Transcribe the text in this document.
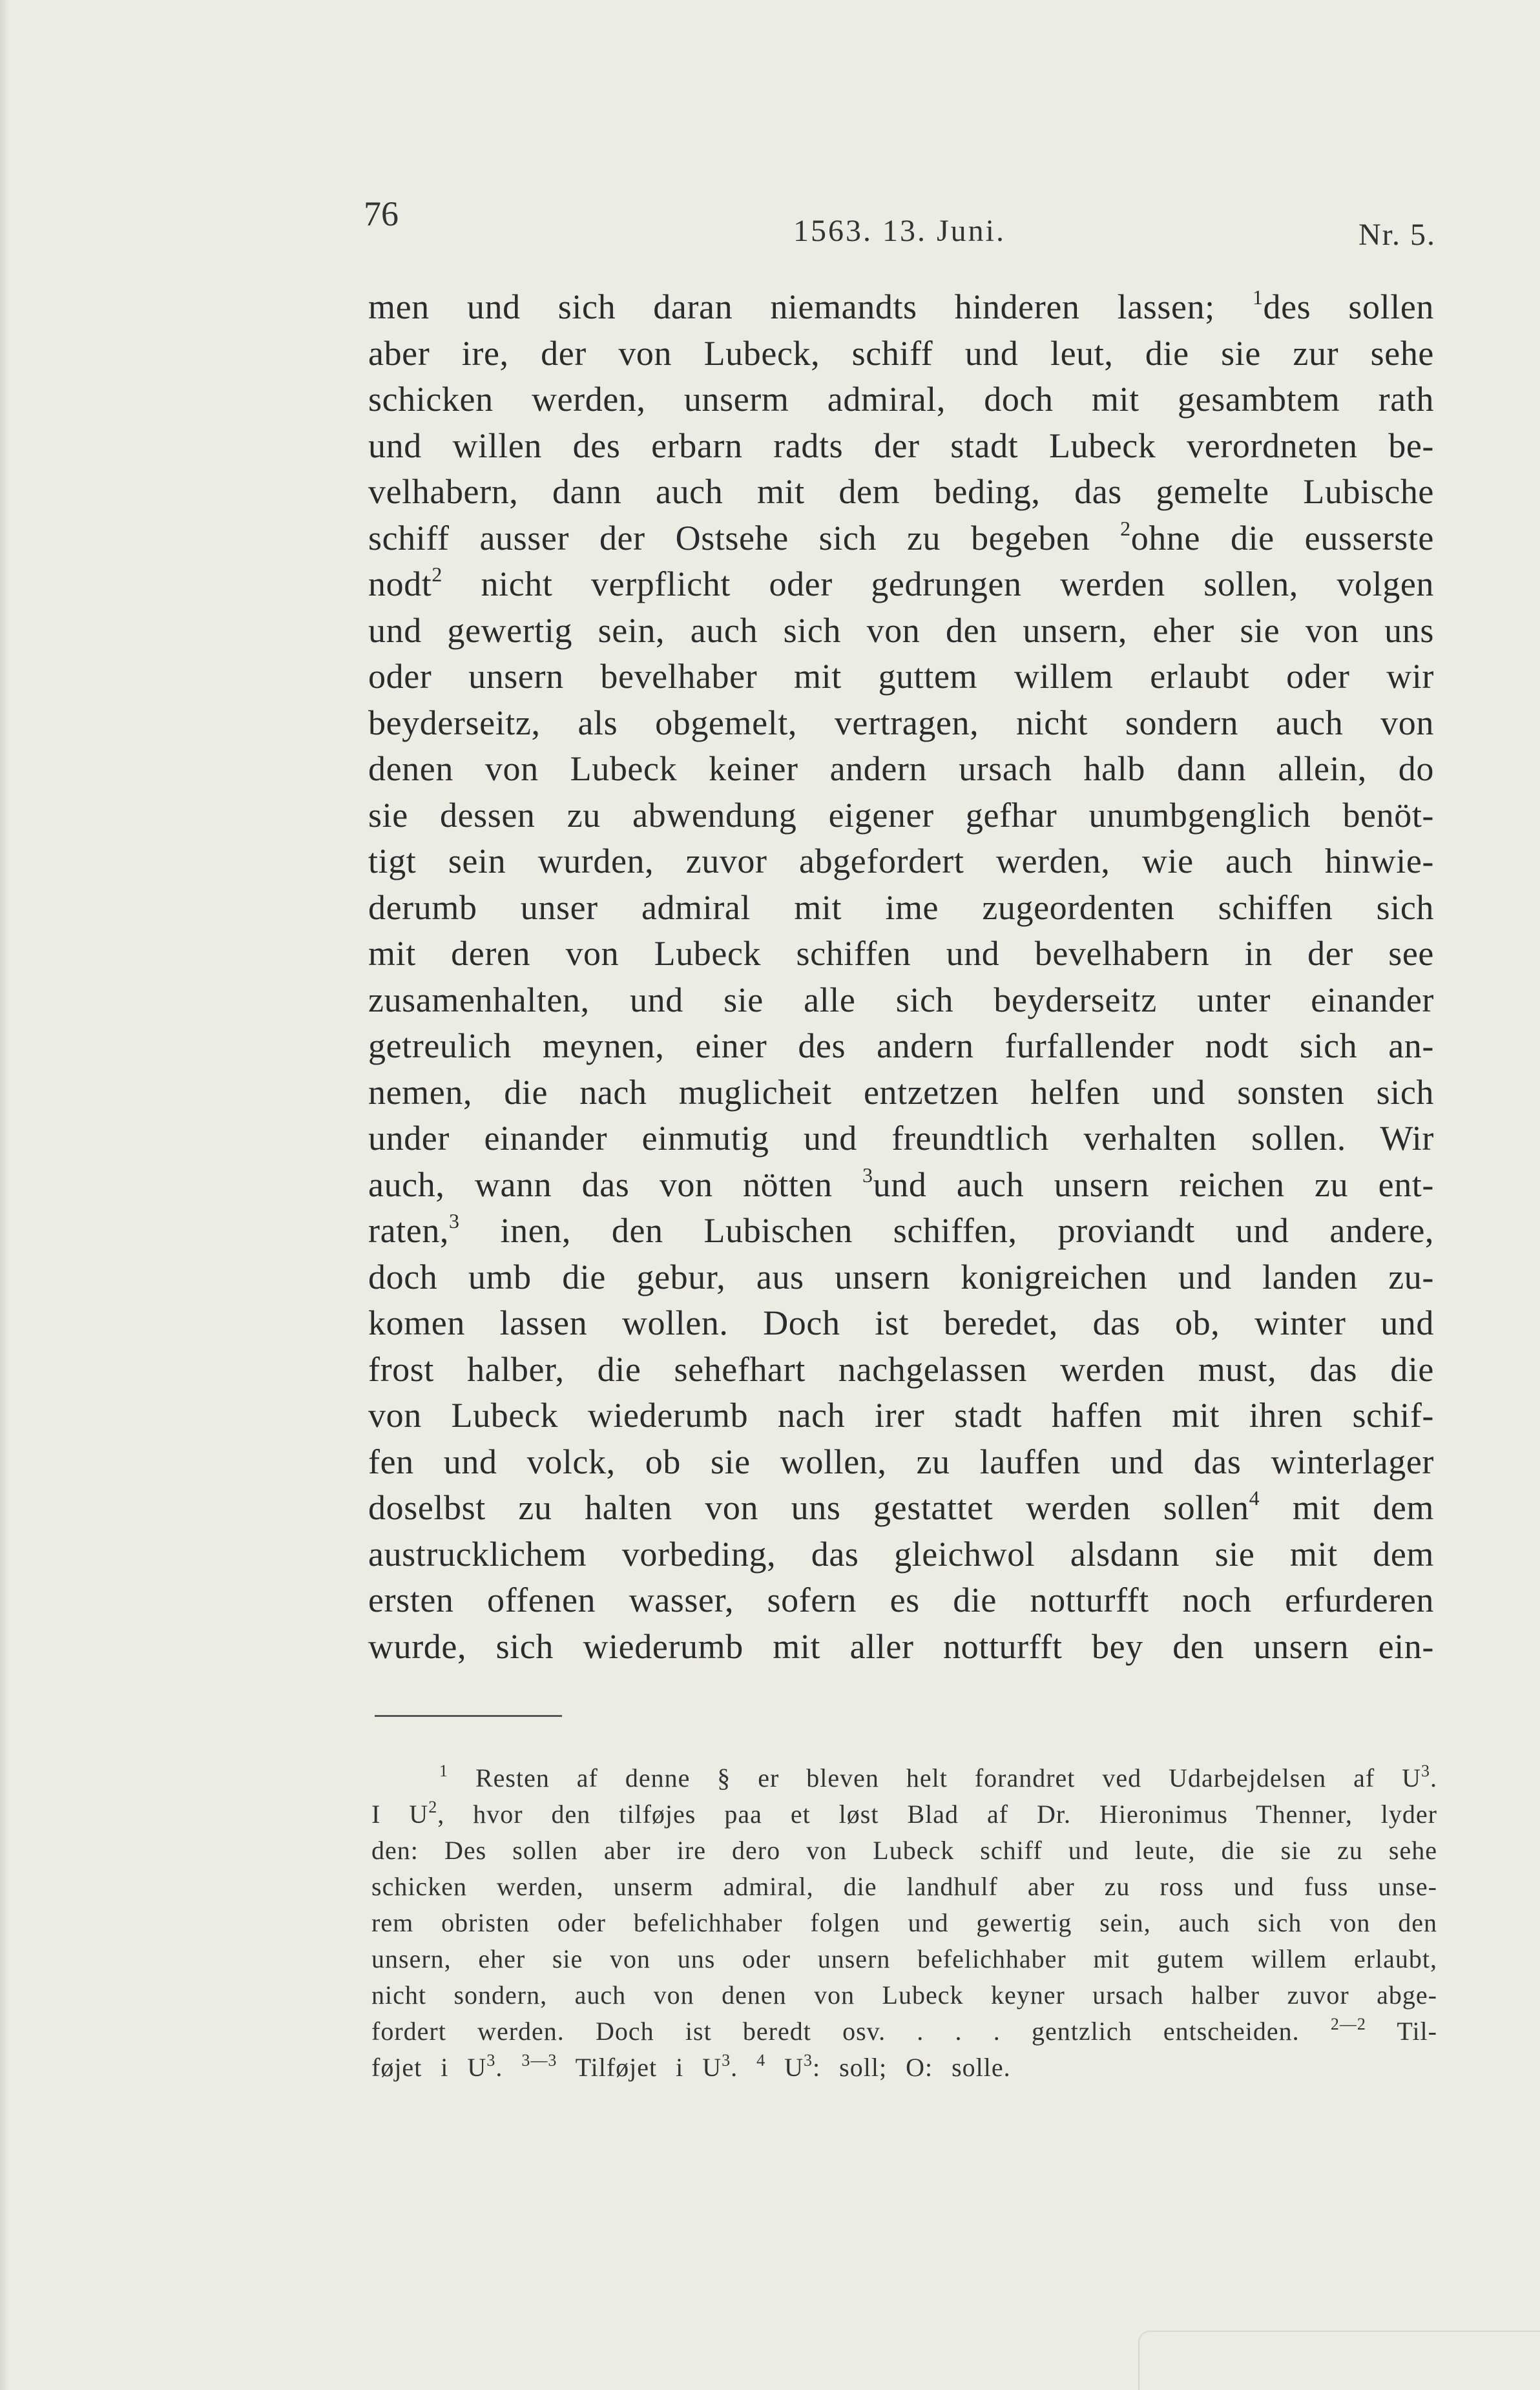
76	1563. 13. Juni.	Nr. 5.
men und sich daran niemandts hinderen lassen; $^1$des sollen
aber ire, der von Lubeck, schiff und leut, die sie zur sehe
schicken werden, unserm admiral, doch mit gesambtem rath
und willen des erbarn radts der stadt Lubeck verordneten be-
velhabern, dann auch mit dem beding, das gemelte Lubische
schiff ausser der Ostsehe sich zu begeben $^2$ohne die eusserste
nodt$^2$ nicht verpflicht oder gedrungen werden sollen, volgen
und gewertig sein, auch sich von den unsern, eher sie von uns
oder unsern bevelhaber mit guttem willem erlaubt oder wir
beyderseitz, als obgemelt, vertragen, nicht sondern auch von
denen von Lubeck keiner andern ursach halb dann allein, do
sie dessen zu abwendung eigener gefhar unumbgenglich benöt-
tigt sein wurden, zuvor abgefordert werden, wie auch hinwie-
derumb unser admiral mit ime zugeordenten schiffen sich
mit deren von Lubeck schiffen und bevelhabern in der see
zusamenhalten, und sie alle sich beyderseitz unter einander
getreulich meynen, einer des andern furfallender nodt sich an-
nemen, die nach muglicheit entzetzen helfen und sonsten sich
under einander einmutig und freundtlich verhalten sollen. Wir
auch, wann das von nötten $^3$und auch unsern reichen zu ent-
raten,$^3$ inen, den Lubischen schiffen, proviandt und andere,
doch umb die gebur, aus unsern konigreichen und landen zu-
komen lassen wollen. Doch ist beredet, das ob, winter und
frost halber, die sehefhart nachgelassen werden must, das die
von Lubeck wiederumb nach irer stadt haffen mit ihren schif-
fen und volck, ob sie wollen, zu lauffen und das winterlager
doselbst zu halten von uns gestattet werden sollen$^4$ mit dem
austrucklichem vorbeding, das gleichwol alsdann sie mit dem
ersten offenen wasser, sofern es die notturfft noch erfurderen
wurde, sich wiederumb mit aller notturfft bey den unsern ein-
$^1$ Resten af denne § er bleven helt forandret ved Udarbejdelsen af $U^3$.
I $U^2$, hvor den tilføjes paa et løst Blad af Dr. Hieronimus Thenner, lyder
den: Des sollen aber ire dero von Lubeck schiff und leute, die sie zu sehe
schicken werden, unserm admiral, die landhulf aber zu ross und fuss unse-
rem obristen oder befelichhaber folgen und gewertig sein, auch sich von den
unsern, eher sie von uns oder unsern befelichhaber mit gutem willem erlaubt,
nicht sondern, auch von denen von Lubeck keyner ursach halber zuvor abge-
fordert werden. Doch ist beredt osv. . . . gentzlich entscheiden. $^{2—2}$ Til-
føjet i $U^3$. $^{3—3}$ Tilføjet i $U^3$. $^4$ $U^3$: soll; O: solle.
